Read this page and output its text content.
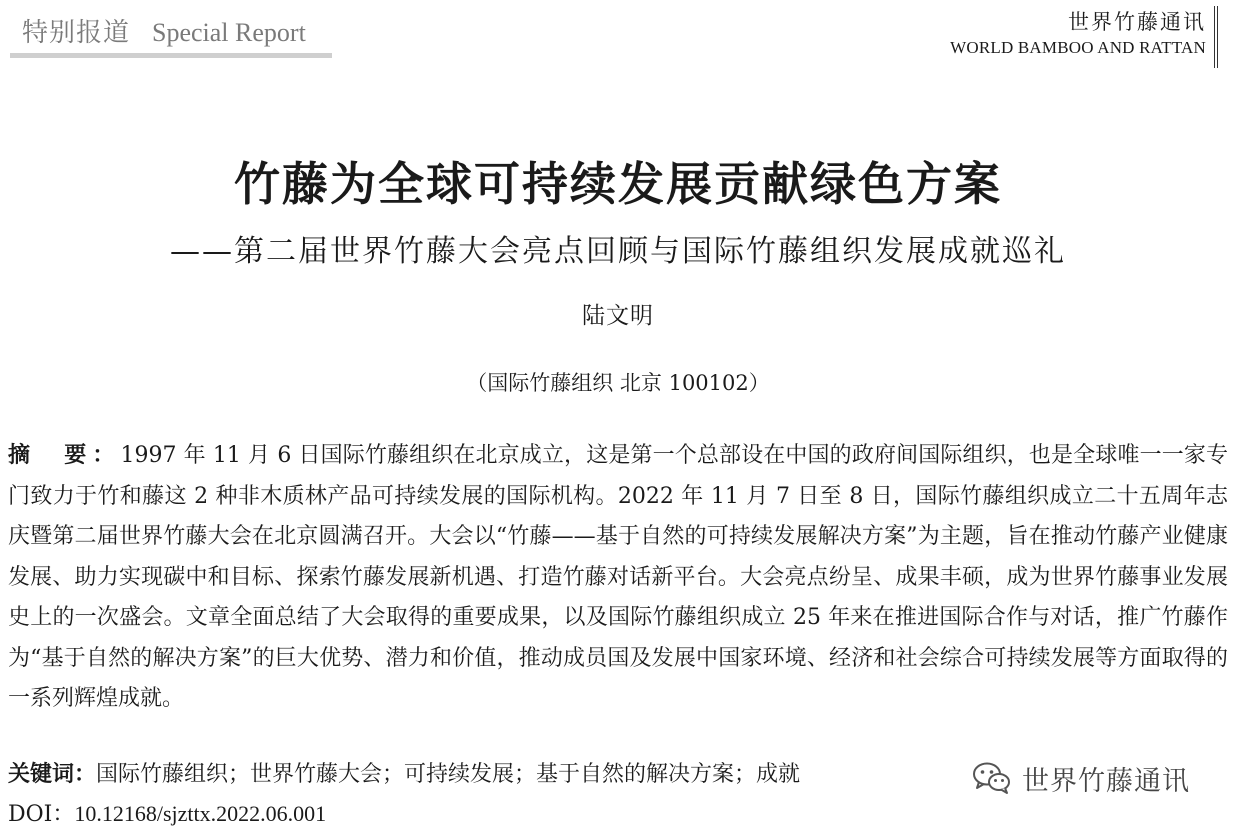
特别报道 Special Report	世界竹藤通讯
WORLD BAMBOO AND RATTAN
竹藤为全球可持续发展贡献绿色方案
——第二届世界竹藤大会亮点回顾与国际竹藤组织发展成就巡礼
陆文明
（国际竹藤组织 北京 100102）

摘　要：1997 年 11 月 6 日国际竹藤组织在北京成立，这是第一个总部设在中国的政府间国际组织，也是全球唯一一家专门致力于竹和藤这 2 种非木质林产品可持续发展的国际机构。2022 年 11 月 7 日至 8 日，国际竹藤组织成立二十五周年志庆暨第二届世界竹藤大会在北京圆满召开。大会以“竹藤——基于自然的可持续发展解决方案”为主题，旨在推动竹藤产业健康发展、助力实现碳中和目标、探索竹藤发展新机遇、打造竹藤对话新平台。大会亮点纷呈、成果丰硕，成为世界竹藤事业发展史上的一次盛会。文章全面总结了大会取得的重要成果，以及国际竹藤组织成立 25 年来在推进国际合作与对话，推广竹藤作为“基于自然的解决方案”的巨大优势、潜力和价值，推动成员国及发展中国家环境、经济和社会综合可持续发展等方面取得的一系列辉煌成就。

关键词：国际竹藤组织；世界竹藤大会；可持续发展；基于自然的解决方案；成就

DOI：10.12168/sjzttx.2022.06.001
世界竹藤通讯
